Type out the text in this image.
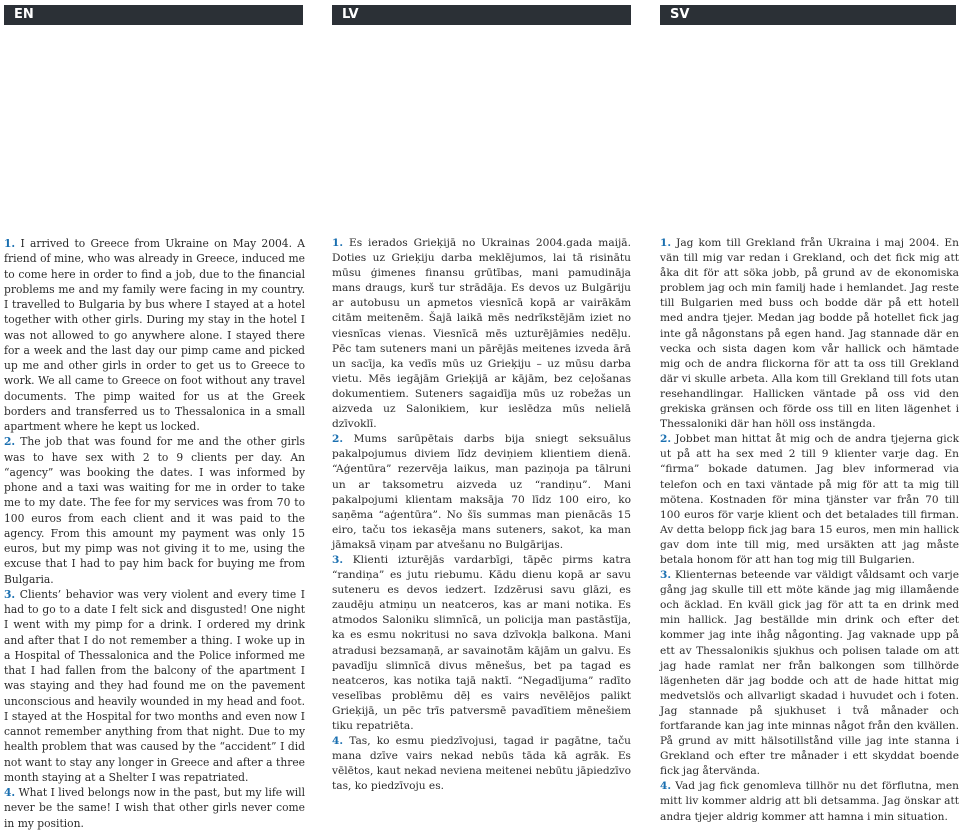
EN	LV	SV

1. I arrived to Greece from Ukraine on May 2004. A friend of mine, who was already in Greece, induced me to come here in order to find a job, due to the financial problems me and my family were facing in my country. I travelled to Bulgaria by bus where I stayed at a hotel together with other girls. During my stay in the hotel I was not allowed to go anywhere alone. I stayed there for a week and the last day our pimp came and picked up me and other girls in order to get us to Greece to work. We all came to Greece on foot without any travel documents. The pimp waited for us at the Greek borders and transferred us to Thessalonica in a small apartment where he kept us locked.

2. The job that was found for me and the other girls was to have sex with 2 to 9 clients per day. An “agency” was booking the dates. I was informed by phone and a taxi was waiting for me in order to take me to my date. The fee for my services was from 70 to 100 euros from each client and it was paid to the agency. From this amount my payment was only 15 euros, but my pimp was not giving it to me, using the excuse that I had to pay him back for buying me from Bulgaria.

3. Clients’ behavior was very violent and every time I had to go to a date I felt sick and disgusted! One night I went with my pimp for a drink. I ordered my drink and after that I do not remember a thing. I woke up in a Hospital of Thessalonica and the Police informed me that I had fallen from the balcony of the apartment I was staying and they had found me on the pavement unconscious and heavily wounded in my head and foot. I stayed at the Hospital for two months and even now I cannot remember anything from that night. Due to my health problem that was caused by the “accident” I did not want to stay any longer in Greece and after a three month staying at a Shelter I was repatriated.

4. What I lived belongs now in the past, but my life will never be the same! I wish that other girls never come in my position.

1. Es ierados Grieķijā no Ukrainas 2004.gada maijā. Doties uz Grieķiju darba meklējumos, lai tā risinātu mūsu ģimenes finansu grūtības, mani pamudināja mans draugs, kurš tur strādāja. Es devos uz Bulgāriju ar autobusu un apmetos viesnīcā kopā ar vairākām citām meitenēm. Šajā laikā mēs nedrīkstējām iziet no viesnīcas vienas. Viesnīcā mēs uzturējāmies nedēļu. Pēc tam suteners mani un pārējās meitenes izveda ārā un sacīja, ka vedīs mūs uz Grieķiju – uz mūsu darba vietu. Mēs iegājām Grieķijā ar kājām, bez ceļošanas dokumentiem. Suteners sagaidīja mūs uz robežas un aizveda uz Salonikiem, kur ieslēdza mūs nelielā dzīvoklī.

2. Mums sarūpētais darbs bija sniegt seksuālus pakalpojumus diviem līdz deviņiem klientiem dienā. “Aģentūra” rezervēja laikus, man paziņoja pa tālruni un ar taksometru aizveda uz “randiņu”. Mani pakalpojumi klientam maksāja 70 līdz 100 eiro, ko saņēma “aģentūra”. No šīs summas man pienācās 15 eiro, taču tos iekasēja mans suteners, sakot, ka man jāmaksā viņam par atvešanu no Bulgārijas.

3. Klienti izturējās vardarbīgi, tāpēc pirms katra “randiņa” es jutu riebumu. Kādu dienu kopā ar savu suteneru es devos iedzert. Izdzērusi savu glāzi, es zaudēju atmiņu un neatceros, kas ar mani notika. Es atmodos Saloniku slimnīcā, un policija man pastāstīja, ka es esmu nokritusi no sava dzīvokļa balkona. Mani atradusi bezsamaņā, ar savainotām kājām un galvu. Es pavadīju slimnīcā divus mēnešus, bet pa tagad es neatceros, kas notika tajā naktī. “Negadījuma” radīto veselības problēmu dēļ es vairs nevēlējos palikt Grieķijā, un pēc trīs patversmē pavadītiem mēnešiem tiku repatriēta.

4. Tas, ko esmu piedzīvojusi, tagad ir pagātne, taču mana dzīve vairs nekad nebūs tāda kā agrāk. Es vēlētos, kaut nekad neviena meitenei nebūtu jāpiedzīvo tas, ko piedzīvoju es.

1. Jag kom till Grekland från Ukraina i maj 2004. En vän till mig var redan i Grekland, och det fick mig att åka dit för att söka jobb, på grund av de ekonomiska problem jag och min familj hade i hemlandet. Jag reste till Bulgarien med buss och bodde där på ett hotell med andra tjejer. Medan jag bodde på hotellet fick jag inte gå någonstans på egen hand. Jag stannade där en vecka och sista dagen kom vår hallick och hämtade mig och de andra flickorna för att ta oss till Grekland där vi skulle arbeta. Alla kom till Grekland till fots utan resehandlingar. Hallicken väntade på oss vid den grekiska gränsen och förde oss till en liten lägenhet i Thessaloniki där han höll oss instängda.

2. Jobbet man hittat åt mig och de andra tjejerna gick ut på att ha sex med 2 till 9 klienter varje dag. En “firma” bokade datumen. Jag blev informerad via telefon och en taxi väntade på mig för att ta mig till mötena. Kostnaden för mina tjänster var från 70 till 100 euros för varje klient och det betalades till firman. Av detta belopp fick jag bara 15 euros, men min hallick gav dom inte till mig, med ursäkten att jag måste betala honom för att han tog mig till Bulgarien.

3. Klienternas beteende var väldigt våldsamt och varje gång jag skulle till ett möte kände jag mig illamående och äcklad. En kväll gick jag för att ta en drink med min hallick. Jag beställde min drink och efter det kommer jag inte ihåg någonting. Jag vaknade upp på ett av Thessalonikis sjukhus och polisen talade om att jag hade ramlat ner från balkongen som tillhörde lägenheten där jag bodde och att de hade hittat mig medvetslös och allvarligt skadad i huvudet och i foten. Jag stannade på sjukhuset i två månader och fortfarande kan jag inte minnas något från den kvällen. På grund av mitt hälsotillstånd ville jag inte stanna i Grekland och efter tre månader i ett skyddat boende fick jag återvända.

4. Vad jag fick genomleva tillhör nu det förflutna, men mitt liv kommer aldrig att bli detsamma. Jag önskar att andra tjejer aldrig kommer att hamna i min situation.
